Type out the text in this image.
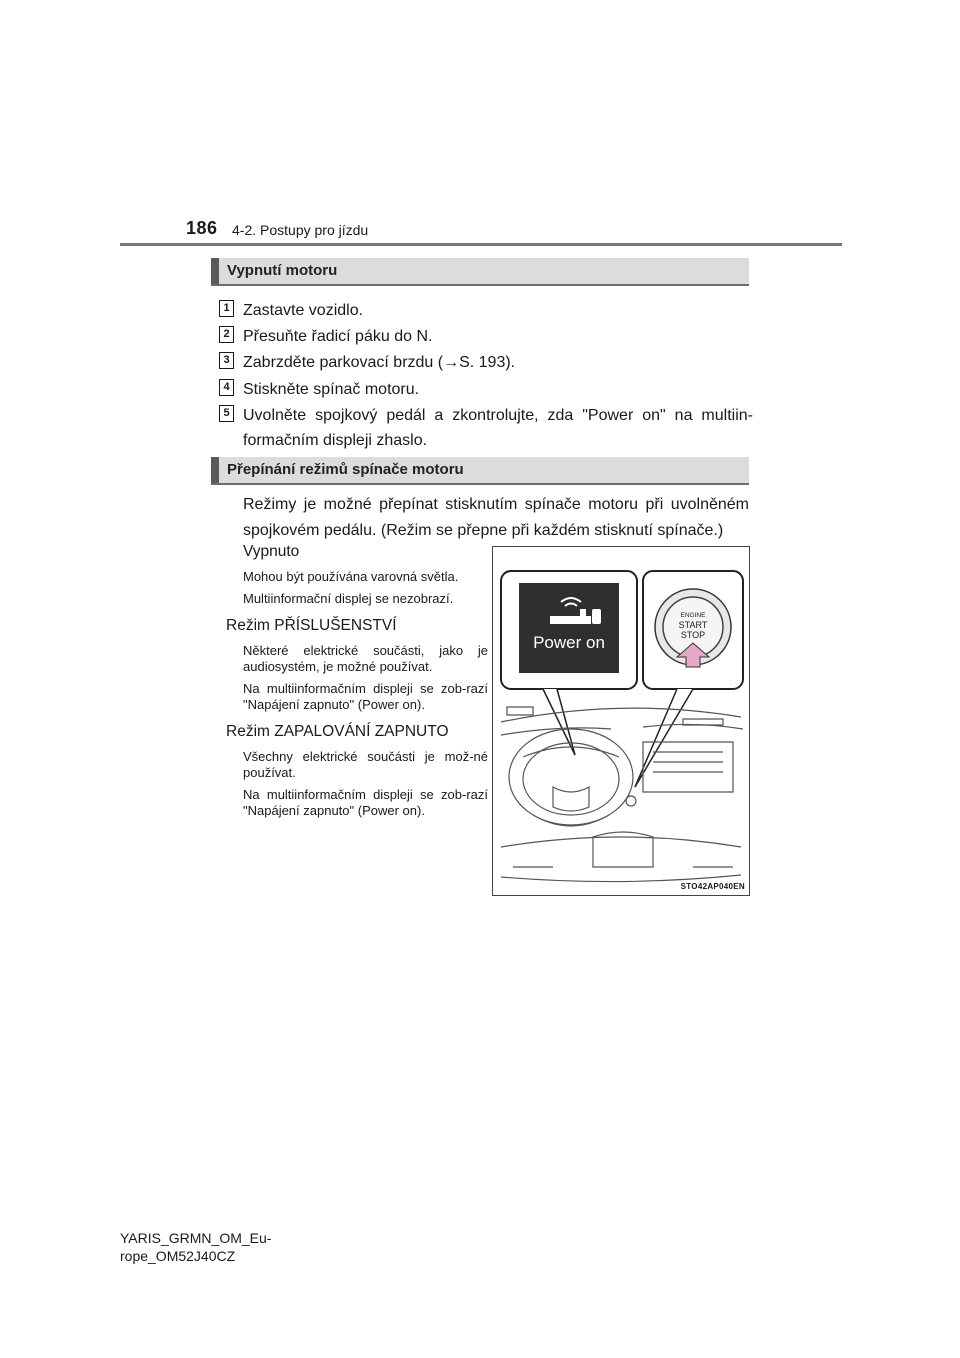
186 4-2. Postupy pro jízdu
Vypnutí motoru
1 Zastavte vozidlo.
2 Přesuňte řadicí páku do N.
3 Zabrzděte parkovací brzdu (→S. 193).
4 Stiskněte spínač motoru.
5 Uvolněte spojkový pedál a zkontrolujte, zda "Power on" na multiin-formačním displeji zhaslo.
Přepínání režimů spínače motoru
Režimy je možné přepínat stisknutím spínače motoru při uvolněném spojkovém pedálu. (Režim se přepne při každém stisknutí spínače.)
Vypnuto
Mohou být používána varovná světla.
Multiinformační displej se nezobrazí.
Režim PŘÍSLUŠENSTVÍ
Některé elektrické součásti, jako je audiosystém, je možné používat.
Na multiinformačním displeji se zob-razí "Napájení zapnuto" (Power on).
Režim ZAPALOVÁNÍ ZAPNUTO
Všechny elektrické součásti je mož-né používat.
Na multiinformačním displeji se zob-razí "Napájení zapnuto" (Power on).
Power on
ENGINE
START
STOP
STO42AP040EN
YARIS_GRMN_OM_Eu-
rope_OM52J40CZ
